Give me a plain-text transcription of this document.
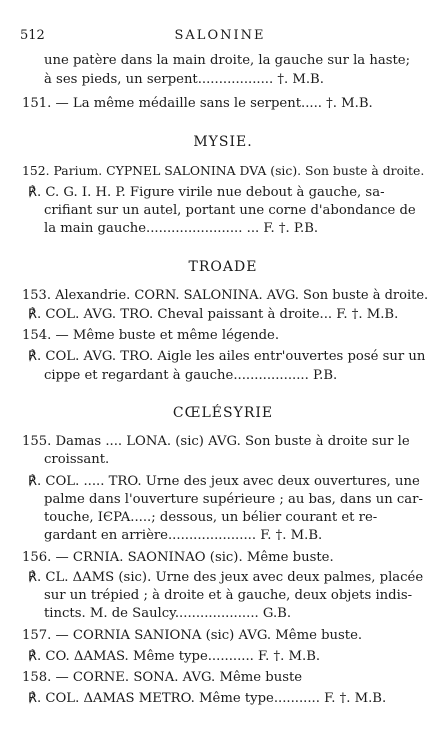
512	SALONINE
une patère dans la main droite, la gauche sur la haste;
à ses pieds, un serpent.................. †. M.B.
151. — La même médaille sans le serpent..... †. M.B.
MYSIE.
152. Parium. CYPNEL SALONINA DVA (sic). Son buste à droite.
℟. C. G. I. H. P. Figure virile nue debout à gauche, sa-
crifiant sur un autel, portant une corne d'abondance de
la main gauche....................... ... F. †. P.B.
TROADE
153. Alexandrie. CORN. SALONINA. AVG. Son buste à droite.
℟. COL. AVG. TRO. Cheval paissant à droite... F. †. M.B.
154. — Même buste et même légende.
℟. COL. AVG. TRO. Aigle les ailes entr'ouvertes posé sur un
cippe et regardant à gauche.................. P.B.
CŒLÉSYRIE
155. Damas .... LONA. (sic) AVG. Son buste à droite sur le
croissant.
℟. COL. ..... TRO. Urne des jeux avec deux ouvertures, une
palme dans l'ouverture supérieure ; au bas, dans un car-
touche, IЄPA.....; dessous, un bélier courant et re-
gardant en arrière..................... F. †. M.B.
156. — CRNIA. SAONINAO (sic). Même buste.
℟. CL. ΔAMS (sic). Urne des jeux avec deux palmes, placée
sur un trépied ; à droite et à gauche, deux objets indis-
tincts. M. de Saulcy.................... G.B.
157. — CORNIA SANIONA (sic) AVG. Même buste.
℟. CO. ΔAMAS. Même type........... F. †. M.B.
158. — CORNE. SONA. AVG. Même buste
℟. COL. ΔAMAS METRO. Même type........... F. †. M.B.
